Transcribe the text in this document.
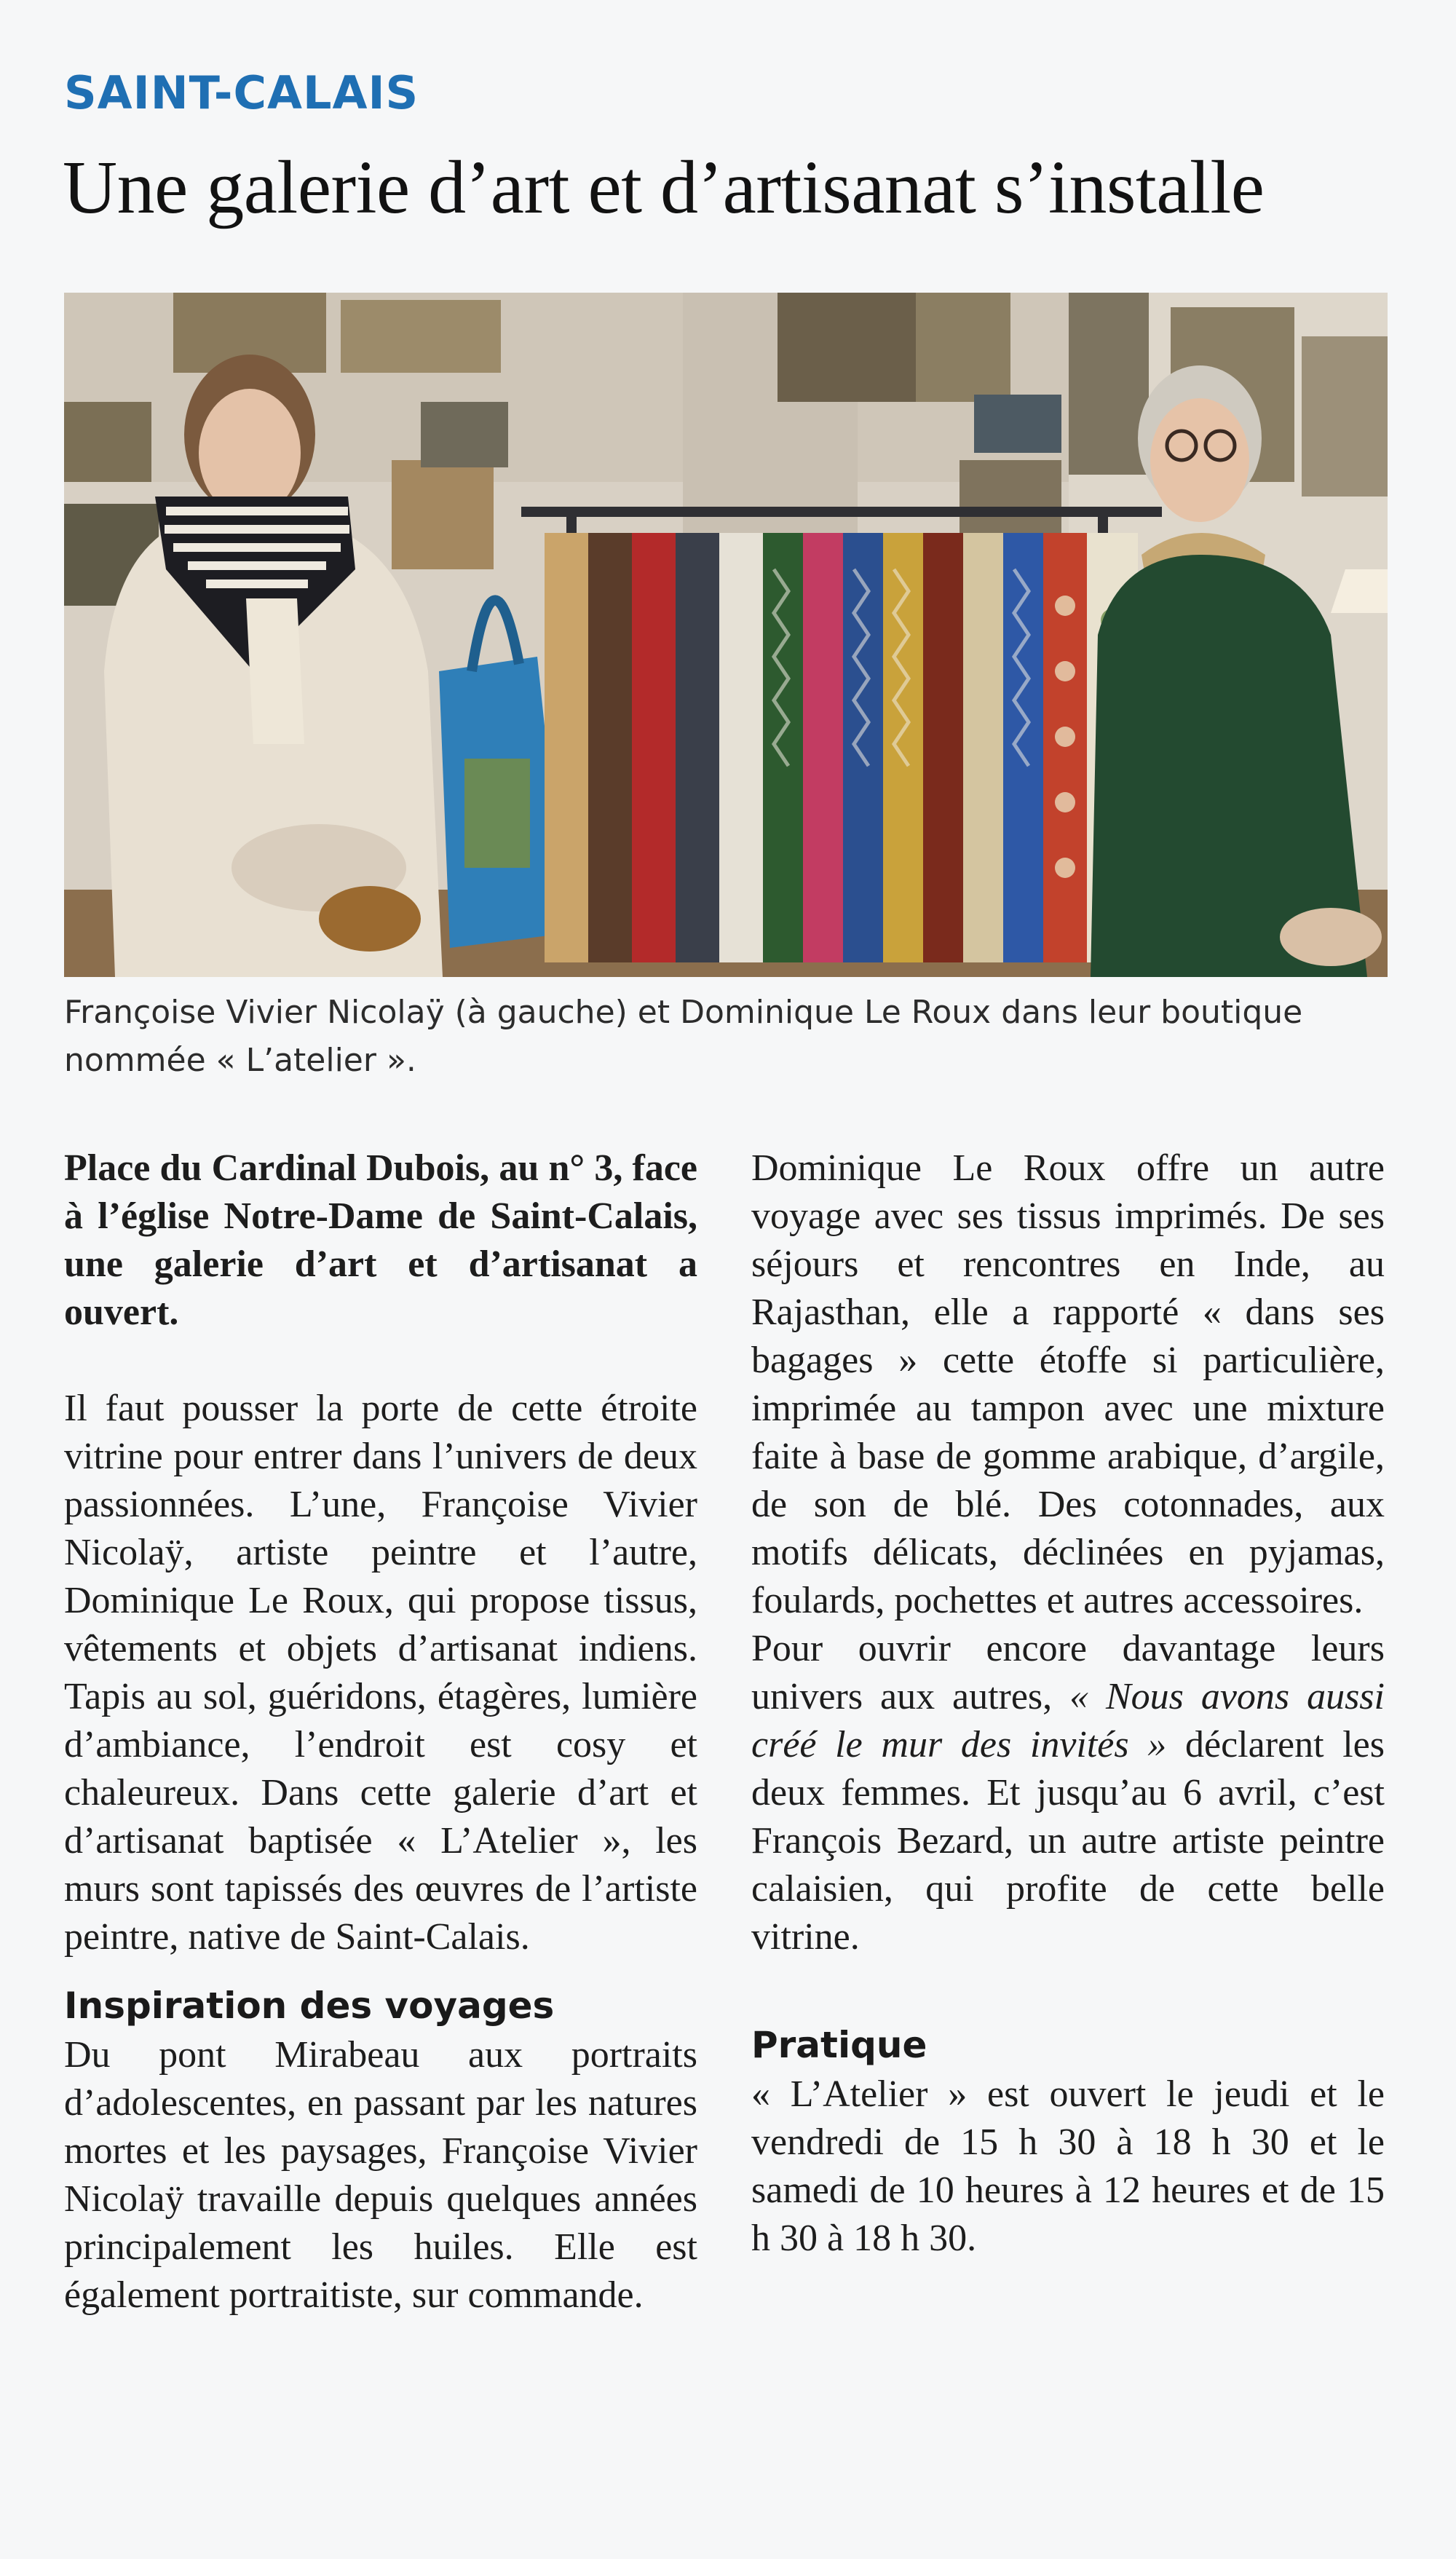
SAINT-CALAIS
Une galerie d’art et d’artisanat s’installe
Françoise Vivier Nicolaÿ (à gauche) et Dominique Le Roux dans leur boutique nommée « L’atelier ».

Place du Cardinal Dubois, au n° 3, face à l’église Notre-Dame de Saint-Calais, une galerie d’art et d’artisanat a ouvert.

Il faut pousser la porte de cette étroite vitrine pour entrer dans l’univers de deux passionnées. L’une, Françoise Vivier Nicolaÿ, artiste peintre et l’autre, Dominique Le Roux, qui propose tissus, vêtements et objets d’artisanat indiens. Tapis au sol, guéridons, étagères, lumière d’ambiance, l’endroit est cosy et chaleureux. Dans cette galerie d’art et d’artisanat baptisée « L’Atelier », les murs sont tapissés des œuvres de l’artiste peintre, native de Saint-Calais.

Inspiration des voyages

Du pont Mirabeau aux portraits d’adolescentes, en passant par les natures mortes et les paysages, Françoise Vivier Nicolaÿ travaille depuis quelques années principalement les huiles. Elle est également portraitiste, sur commande.

Dominique Le Roux offre un autre voyage avec ses tissus imprimés. De ses séjours et rencontres en Inde, au Rajasthan, elle a rapporté « dans ses bagages » cette étoffe si particulière, imprimée au tampon avec une mixture faite à base de gomme arabique, d’argile, de son de blé. Des cotonnades, aux motifs délicats, déclinées en pyjamas, foulards, pochettes et autres accessoires.

Pour ouvrir encore davantage leurs univers aux autres, « Nous avons aussi créé le mur des invités » déclarent les deux femmes. Et jusqu’au 6 avril, c’est François Bezard, un autre artiste peintre calaisien, qui profite de cette belle vitrine.

Pratique

« L’Atelier » est ouvert le jeudi et le vendredi de 15 h 30 à 18 h 30 et le samedi de 10 heures à 12 heures et de 15 h 30 à 18 h 30.
